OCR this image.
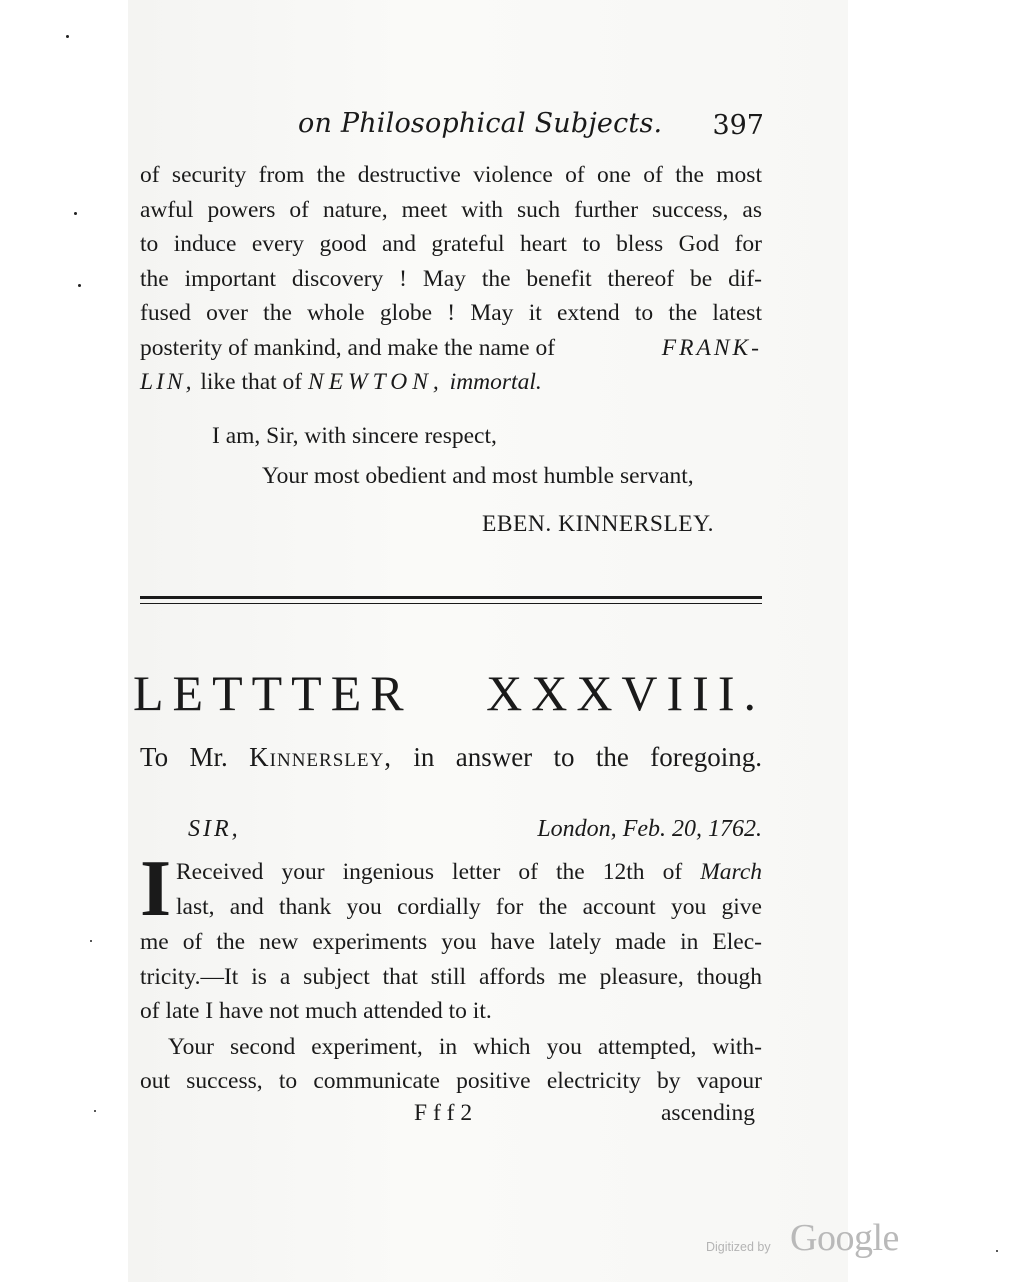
on Philosophical Subjects. 397
of security from the destructive violence of one of the most
awful powers of nature, meet with such further success, as
to induce every good and grateful heart to bless God for
the important discovery ! May the benefit thereof be dif-
fused over the whole globe ! May it extend to the latest
posterity of mankind, and make the name of	FRANK-
LIN, like that of NEWTON, immortal.
I am, Sir, with sincere respect,
Your most obedient and most humble servant,
EBEN. KINNERSLEY.
LETTTER XXXVIII.
To Mr. Kinnersley, in answer to the foregoing.
SIR,	London, Feb. 20, 1762.
I Received your ingenious letter of the 12th of March
last, and thank you cordially for the account you give
me of the new experiments you have lately made in Elec-
tricity.—It is a subject that still affords me pleasure, though
of late I have not much attended to it.
Your second experiment, in which you attempted, with-
out success, to communicate positive electricity by vapour
F f f 2	ascending
Digitized by Google
